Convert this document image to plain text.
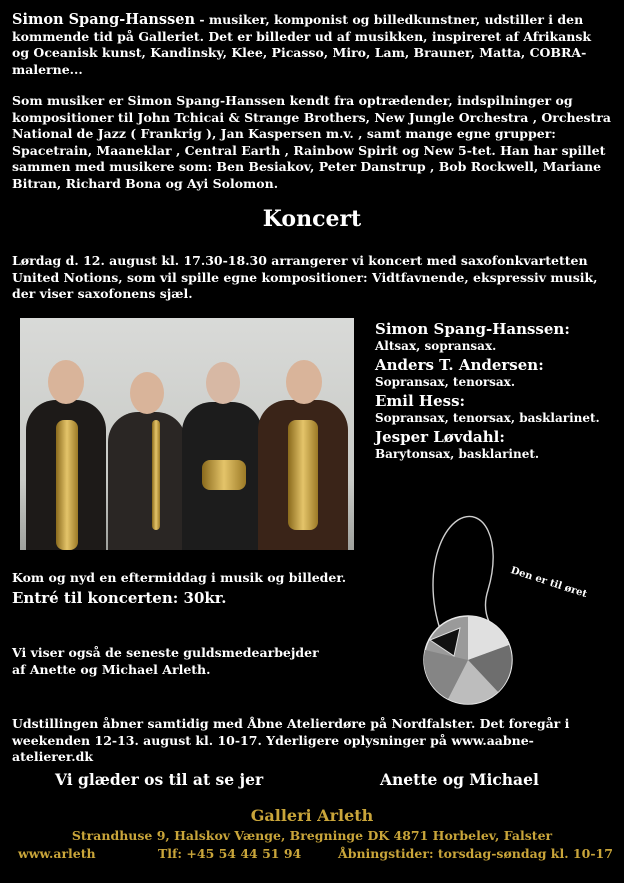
Simon Spang-Hanssen - musiker, komponist og billedkunstner, udstiller i den kommende tid på Galleriet. Det er billeder ud af musikken, inspireret af Afrikansk og Oceanisk kunst, Kandinsky, Klee, Picasso, Miro, Lam, Brauner, Matta, COBRA-malerne...
Som musiker er Simon Spang-Hanssen kendt fra optrædender, indspilninger og kompositioner til John Tchicai & Strange Brothers, New Jungle Orchestra , Orchestra National de Jazz ( Frankrig ), Jan Kaspersen m.v. , samt mange egne grupper: Spacetrain, Maaneklar , Central Earth , Rainbow Spirit og New 5-tet. Han har spillet sammen med musikere som: Ben Besiakov, Peter Danstrup , Bob Rockwell, Mariane Bitran, Richard Bona og Ayi Solomon.
Koncert
Lørdag d. 12. august kl. 17.30-18.30 arrangerer vi koncert med saxofonkvartetten United Notions, som vil spille egne kompositioner: Vidtfavnende, ekspressiv musik, der viser saxofonens sjæl.
Simon Spang-Hanssen:
Altsax, sopransax.
Anders T. Andersen:
Sopransax, tenorsax.
Emil Hess:
Sopransax, tenorsax, basklarinet.
Jesper Løvdahl:
Barytonsax, basklarinet.
Den er til øret
Kom og nyd en eftermiddag i musik og billeder.
Entré til koncerten: 30kr.
Vi viser også de seneste guldsmedearbejder
af Anette og Michael Arleth.
Udstillingen åbner samtidig med Åbne Atelierdøre på Nordfalster. Det foregår i weekenden 12-13. august kl. 10-17. Yderligere oplysninger på www.aabne-atelierer.dk
Vi glæder os til at se jer	Anette og Michael
Galleri Arleth
Strandhuse 9, Halskov Vænge, Bregninge DK 4871 Horbelev, Falster
www.arleth	Tlf: +45 54 44 51 94	Åbningstider: torsdag-søndag kl. 10-17
